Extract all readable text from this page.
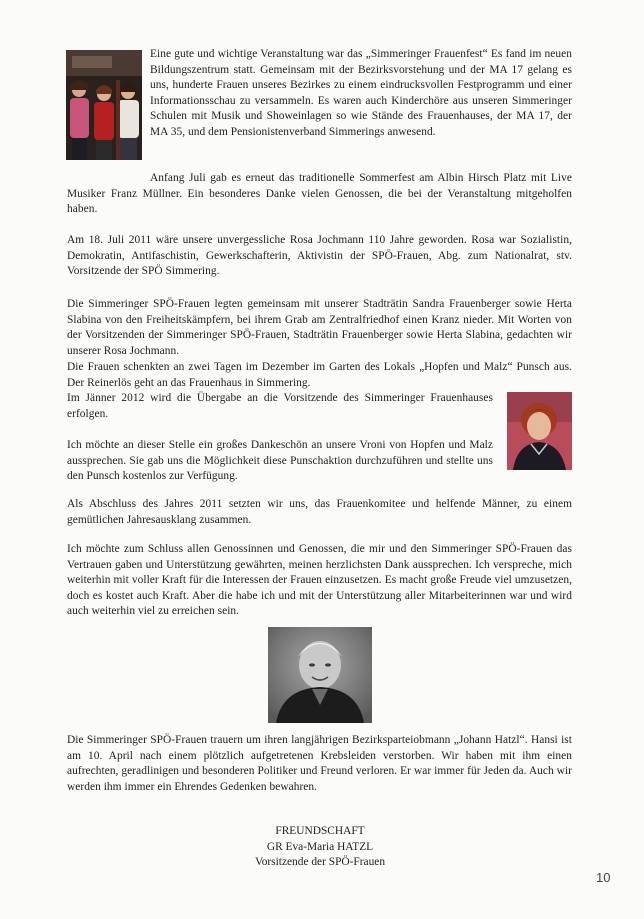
Eine gute und wichtige Veranstaltung war das „Simmeringer Frauenfest“ Es fand im neuen Bildungszentrum statt. Gemeinsam mit der Bezirksvorstehung und der MA 17 gelang es uns, hunderte Frauen unseres Bezirkes zu einem eindrucksvollen Festprogramm und einer Informationsschau zu versammeln. Es waren auch Kinderchöre aus unseren Simmeringer Schulen mit Musik und Showeinlagen so wie Stände des Frauenhauses, der MA 17, der MA 35, und dem Pensionistenverband Simmerings anwesend.

Anfang Juli gab es erneut das traditionelle Sommerfest am Albin Hirsch Platz mit Live Musiker Franz Müllner. Ein besonderes Danke vielen Genossen, die bei der Veranstaltung mitgeholfen haben.

Am 18. Juli 2011 wäre unsere unvergessliche Rosa Jochmann 110 Jahre geworden. Rosa war Sozialistin, Demokratin, Antifaschistin, Gewerkschafterin, Aktivistin der SPÖ-Frauen, Abg. zum Nationalrat, stv. Vorsitzende der SPÖ Simmering.

Die Simmeringer SPÖ-Frauen legten gemeinsam mit unserer Stadträtin Sandra Frauenberger sowie Herta Slabina von den Freiheitskämpfern, bei ihrem Grab am Zentralfriedhof einen Kranz nieder. Mit Worten von der Vorsitzenden der Simmeringer SPÖ-Frauen, Stadträtin Frauenberger sowie Herta Slabina, gedachten wir unserer Rosa Jochmann.

Die Frauen schenkten an zwei Tagen im Dezember im Garten des Lokals „Hopfen und Malz“ Punsch aus. Der Reinerlös geht an das Frauenhaus in Simmering.

Im Jänner 2012 wird die Übergabe an die Vorsitzende des Simmeringer Frauenhauses erfolgen.

Ich möchte an dieser Stelle ein großes Dankeschön an unsere Vroni von Hopfen und Malz aussprechen. Sie gab uns die Möglichkeit diese Punschaktion durchzuführen und stellte uns den Punsch kostenlos zur Verfügung.

Als Abschluss des Jahres 2011 setzten wir uns, das Frauenkomitee und helfende Männer, zu einem gemütlichen Jahresausklang zusammen.

Ich möchte zum Schluss allen Genossinnen und Genossen, die mir und den Simmeringer SPÖ-Frauen das Vertrauen gaben und Unterstützung gewährten, meinen herzlichsten Dank aussprechen. Ich verspreche, mich weiterhin mit voller Kraft für die Interessen der Frauen einzusetzen. Es macht große Freude viel umzusetzen, doch es kostet auch Kraft. Aber die habe ich und mit der Unterstützung aller Mitarbeiterinnen war und wird auch weiterhin viel zu erreichen sein.

Die Simmeringer SPÖ-Frauen trauern um ihren langjährigen Bezirksparteiobmann „Johann Hatzl“. Hansi ist am 10. April nach einem plötzlich aufgetretenen Krebsleiden verstorben. Wir haben mit ihm einen aufrechten, geradlinigen und besonderen Politiker und Freund verloren. Er war immer für Jeden da. Auch wir werden ihm immer ein Ehrendes Gedenken bewahren.

FREUNDSCHAFT
GR Eva-Maria HATZL
Vorsitzende der SPÖ-Frauen
10
